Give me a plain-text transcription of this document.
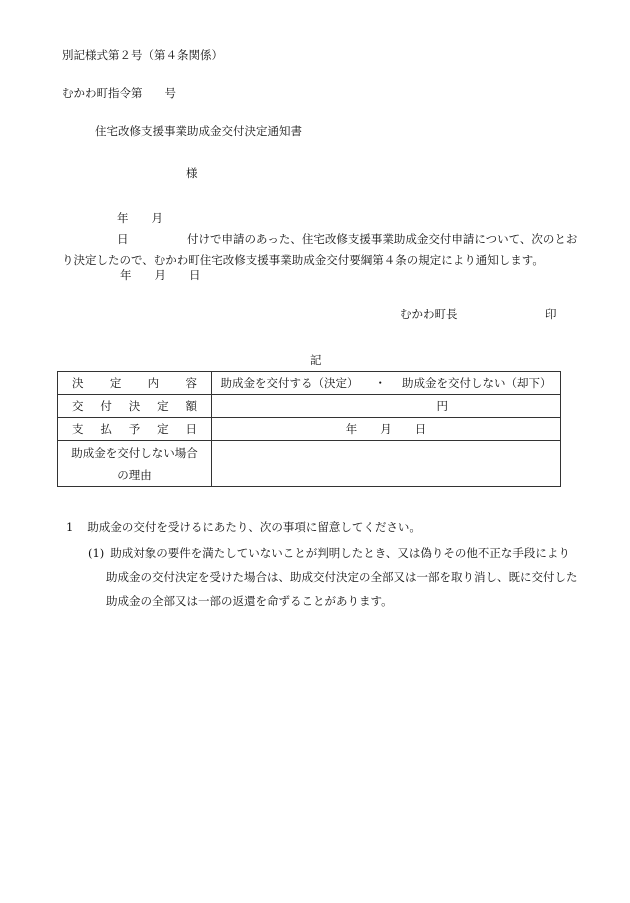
別記様式第２号（第４条関係）
むかわ町指令第 号
住宅改修支援事業助成金交付決定通知書
様
年　　月　　日	付けで申請のあった、住宅改修支援事業助成金交付申請について、次のとおり決定したので、むかわ町住宅改修支援事業助成金交付要綱第４条の規定により通知します。
年　　月　　日
むかわ町長	印
記
決　定　内　容	助成金を交付する（決定） ・ 助成金を交付しない（却下）

交付決定額	円
支払予定日	年　　月　　日
助成金を交付しない場合の理由	
1 助成金の交付を受けるにあたり、次の事項に留意してください。
(1) 助成対象の要件を満たしていないことが判明したとき、又は偽りその他不正な手段により助成金の交付決定を受けた場合は、助成交付決定の全部又は一部を取り消し、既に交付した助成金の全部又は一部の返還を命ずることがあります。
